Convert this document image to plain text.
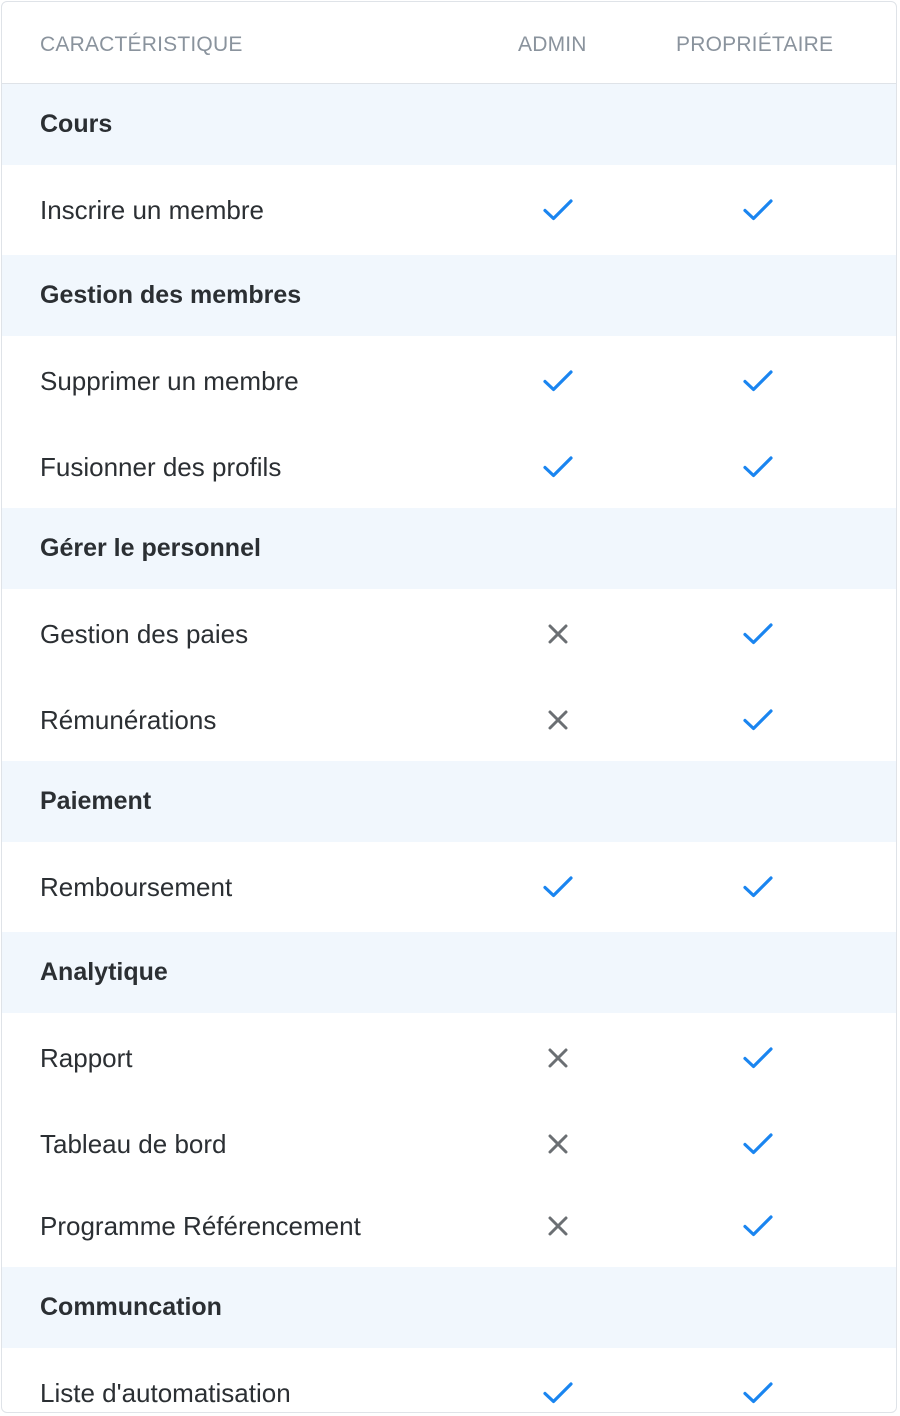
CARACTÉRISTIQUE	ADMIN	PROPRIÉTAIRE
Cours
Inscrire un membre
Gestion des membres
Supprimer un membre
Fusionner des profils
Gérer le personnel
Gestion des paies
Rémunérations
Paiement
Remboursement
Analytique
Rapport
Tableau de bord
Programme Référencement
Communcation
Liste d'automatisation
